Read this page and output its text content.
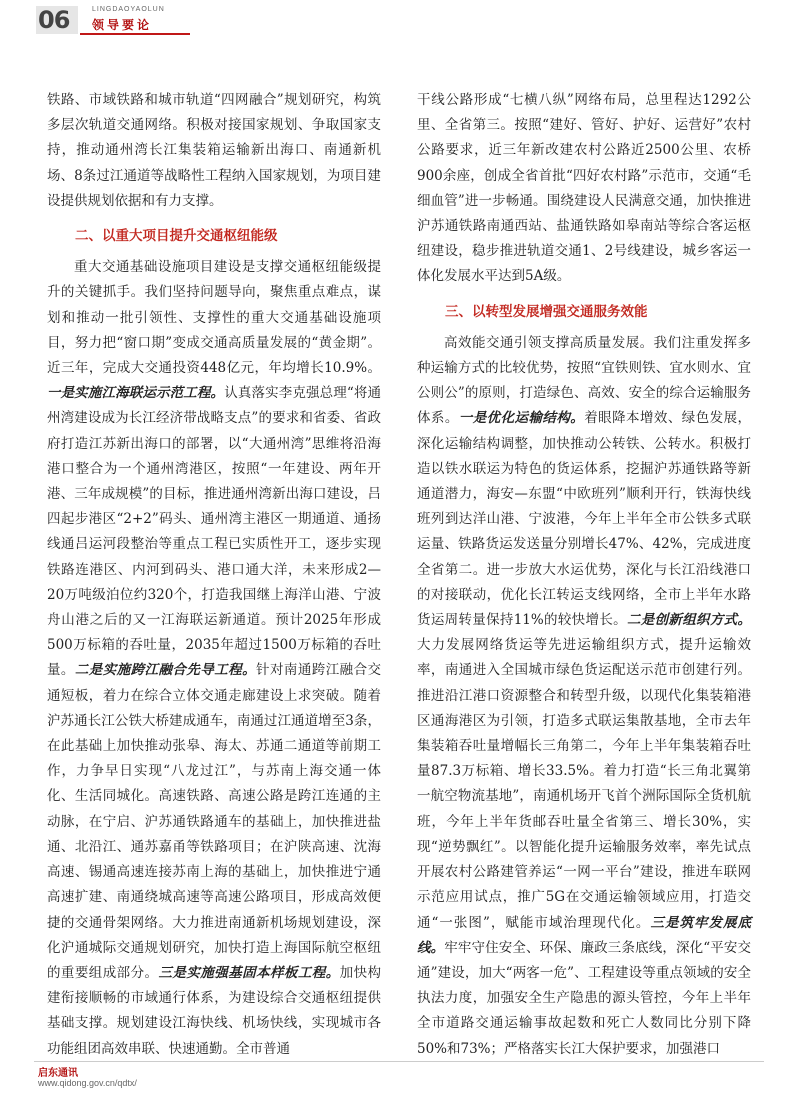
06	LINGDAOYAOLUN
领导要论

铁路、市域铁路和城市轨道“四网融合”规划研究，构筑多层次轨道交通网络。积极对接国家规划、争取国家支持，推动通州湾长江集装箱运输新出海口、南通新机场、8条过江通道等战略性工程纳入国家规划，为项目建设提供规划依据和有力支撑。

二、以重大项目提升交通枢纽能级

重大交通基础设施项目建设是支撑交通枢纽能级提升的关键抓手。我们坚持问题导向，聚焦重点难点，谋划和推动一批引领性、支撑性的重大交通基础设施项目，努力把“窗口期”变成交通高质量发展的“黄金期”。近三年，完成大交通投资448亿元，年均增长10.9%。一是实施江海联运示范工程。认真落实李克强总理“将通州湾建设成为长江经济带战略支点”的要求和省委、省政府打造江苏新出海口的部署，以“大通州湾”思维将沿海港口整合为一个通州湾港区，按照“一年建设、两年开港、三年成规模”的目标，推进通州湾新出海口建设，吕四起步港区“2+2”码头、通州湾主港区一期通道、通扬线通吕运河段整治等重点工程已实质性开工，逐步实现铁路连港区、内河到码头、港口通大洋，未来形成2—20万吨级泊位约320个，打造我国继上海洋山港、宁波舟山港之后的又一江海联运新通道。预计2025年形成500万标箱的吞吐量，2035年超过1500万标箱的吞吐量。二是实施跨江融合先导工程。针对南通跨江融合交通短板，着力在综合立体交通走廊建设上求突破。随着沪苏通长江公铁大桥建成通车，南通过江通道增至3条，在此基础上加快推动张皋、海太、苏通二通道等前期工作，力争早日实现“八龙过江”，与苏南上海交通一体化、生活同城化。高速铁路、高速公路是跨江连通的主动脉，在宁启、沪苏通铁路通车的基础上，加快推进盐通、北沿江、通苏嘉甬等铁路项目；在沪陕高速、沈海高速、锡通高速连接苏南上海的基础上，加快推进宁通高速扩建、南通绕城高速等高速公路项目，形成高效便捷的交通骨架网络。大力推进南通新机场规划建设，深化沪通城际交通规划研究，加快打造上海国际航空枢纽的重要组成部分。三是实施强基固本样板工程。加快构建衔接顺畅的市域通行体系，为建设综合交通枢纽提供基础支撑。规划建设江海快线、机场快线，实现城市各功能组团高效串联、快速通勤。全市普通

干线公路形成“七横八纵”网络布局，总里程达1292公里、全省第三。按照“建好、管好、护好、运营好”农村公路要求，近三年新改建农村公路近2500公里、农桥900余座，创成全省首批“四好农村路”示范市，交通“毛细血管”进一步畅通。围绕建设人民满意交通，加快推进沪苏通铁路南通西站、盐通铁路如皋南站等综合客运枢纽建设，稳步推进轨道交通1、2号线建设，城乡客运一体化发展水平达到5A级。

三、以转型发展增强交通服务效能

高效能交通引领支撑高质量发展。我们注重发挥多种运输方式的比较优势，按照“宜铁则铁、宜水则水、宜公则公”的原则，打造绿色、高效、安全的综合运输服务体系。一是优化运输结构。着眼降本增效、绿色发展，深化运输结构调整，加快推动公转铁、公转水。积极打造以铁水联运为特色的货运体系，挖掘沪苏通铁路等新通道潜力，海安—东盟“中欧班列”顺利开行，铁海快线班列到达洋山港、宁波港，今年上半年全市公铁多式联运量、铁路货运发送量分别增长47%、42%，完成进度全省第二。进一步放大水运优势，深化与长江沿线港口的对接联动，优化长江转运支线网络，全市上半年水路货运周转量保持11%的较快增长。二是创新组织方式。大力发展网络货运等先进运输组织方式，提升运输效率，南通进入全国城市绿色货运配送示范市创建行列。推进沿江港口资源整合和转型升级，以现代化集装箱港区通海港区为引领，打造多式联运集散基地，全市去年集装箱吞吐量增幅长三角第二，今年上半年集装箱吞吐量87.3万标箱、增长33.5%。着力打造“长三角北翼第一航空物流基地”，南通机场开飞首个洲际国际全货机航班，今年上半年货邮吞吐量全省第三、增长30%，实现“逆势飘红”。以智能化提升运输服务效率，率先试点开展农村公路建管养运“一网一平台”建设，推进车联网示范应用试点，推广5G在交通运输领域应用，打造交通“一张图”，赋能市域治理现代化。三是筑牢发展底线。牢牢守住安全、环保、廉政三条底线，深化“平安交通”建设，加大“两客一危”、工程建设等重点领域的安全执法力度，加强安全生产隐患的源头管控，今年上半年全市道路交通运输事故起数和死亡人数同比分别下降50%和73%；严格落实长江大保护要求，加强港口

启东通讯
www.qidong.gov.cn/qdtx/
